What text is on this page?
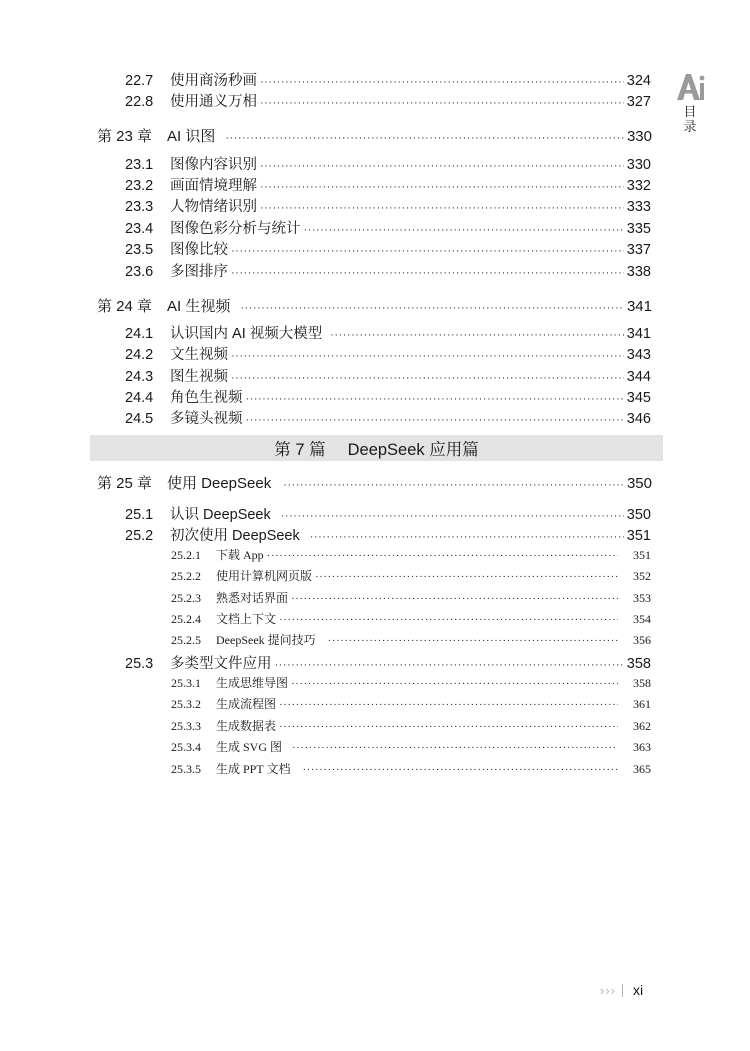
目录
22.7	使用商汤秒画 ·····	324
22.8	使用通义万相 ·····	327
第 23 章 AI 识图 ·····	330
23.1	图像内容识别 ·····	330
23.2	画面情境理解 ·····	332
23.3	人物情绪识别 ·····	333
23.4	图像色彩分析与统计 ·····	335
23.5	图像比较 ·····	337
23.6	多图排序 ·····	338
第 24 章 AI 生视频 ·····	341
24.1	认识国内 AI 视频大模型 ·····	341
24.2	文生视频 ·····	343
24.3	图生视频 ·····	344
24.4	角色生视频 ·····	345
24.5	多镜头视频 ·····	346
第 7 篇 DeepSeek 应用篇
第 25 章 使用 DeepSeek ·····	350
25.1	认识 DeepSeek ·····	350
25.2	初次使用 DeepSeek ·····	351
25.2.1	下载 App ·····	351
25.2.2	使用计算机网页版 ·····	352
25.2.3	熟悉对话界面 ·····	353
25.2.4	文档上下文 ·····	354
25.2.5	DeepSeek 提问技巧 ·····	356
25.3	多类型文件应用 ·····	358
25.3.1	生成思维导图 ·····	358
25.3.2	生成流程图 ·····	361
25.3.3	生成数据表 ·····	362
25.3.4	生成 SVG 图 ·····	363
25.3.5	生成 PPT 文档 ·····	365
››› xi
